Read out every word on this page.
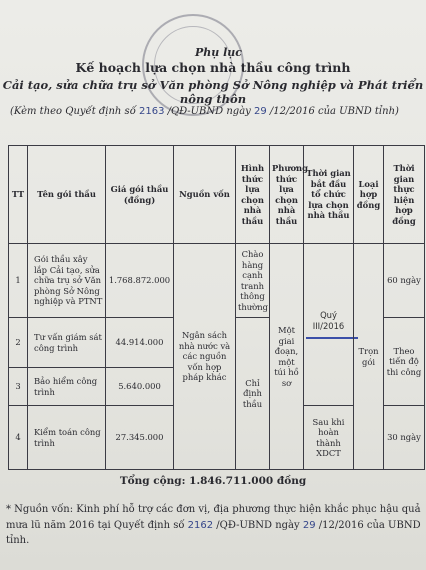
Phụ lục
Kế hoạch lựa chọn nhà thầu công trình
Cải tạo, sửa chữa trụ sở Văn phòng Sở Nông nghiệp và Phát triển nông thôn
(Kèm theo Quyết định số 2163 /QĐ-UBND ngày 29 /12/2016 của UBND tỉnh)
TT	Tên gói thầu	Giá gói thầu (đồng)	Nguồn vốn	Hình thức lựa chọn nhà thầu	Phương thức lựa chọn nhà thầu	Thời gian bắt đầu tổ chức lựa chọn nhà thầu	Loại hợp đồng	Thời gian thực hiện hợp đồng
1	Gói thầu xây lắp Cải tạo, sửa chữa trụ sở Văn phòng Sở Nông nghiệp và PTNT	1.768.872.000	Ngân sách nhà nước và các nguồn vốn hợp pháp khác	Chào hàng cạnh tranh thông thường	Một giai đoạn, một túi hồ sơ	Quý III/2016	Trọn gói	60 ngày
2	Tư vấn giám sát công trình	44.914.000		Chỉ định thầu				Theo tiến độ thi công
3	Bảo hiểm công trình	5.640.000						
4	Kiểm toán công trình	27.345.000				Sau khi hoàn thành XDCT		30 ngày
Tổng cộng: 1.846.711.000 đồng
* Nguồn vốn: Kinh phí hỗ trợ các đơn vị, địa phương thực hiện khắc phục hậu quả mưa lũ năm 2016 tại Quyết định số 2162 /QĐ-UBND ngày 29 /12/2016 của UBND tỉnh.
